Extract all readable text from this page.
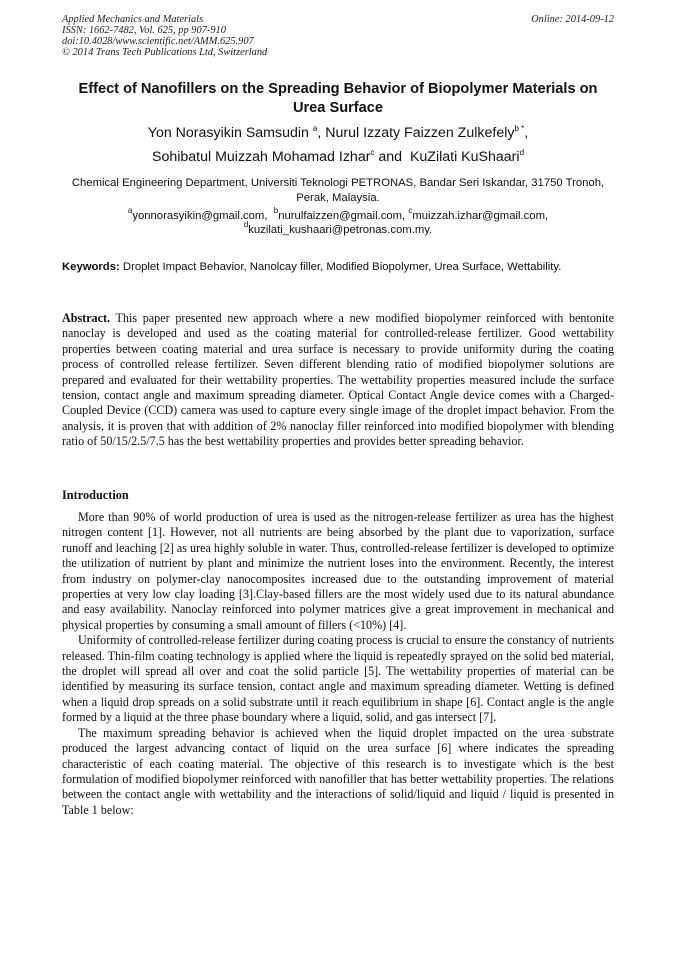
Applied Mechanics and Materials
ISSN: 1662-7482, Vol. 625, pp 907-910
doi:10.4028/www.scientific.net/AMM.625.907
© 2014 Trans Tech Publications Ltd, Switzerland
Online: 2014-09-12
Effect of Nanofillers on the Spreading Behavior of Biopolymer Materials on Urea Surface
Yon Norasyikin Samsudin $^a$, Nurul Izzaty Faizzen Zulkefely$^{b *}$,
Sohibatul Muizzah Mohamad Izhar$^c$ and  KuZilati KuShaari$^d$
Chemical Engineering Department, Universiti Teknologi PETRONAS, Bandar Seri Iskandar, 31750 Tronoh, Perak, Malaysia.
$^a$yonnorasyikin@gmail.com,  $^b$nurulfaizzen@gmail.com, $^c$muizzah.izhar@gmail.com,
$^d$kuzilati_kushaari@petronas.com.my.
Keywords: Droplet Impact Behavior, Nanolcay filler, Modified Biopolymer, Urea Surface, Wettability.
Abstract. This paper presented new approach where a new modified biopolymer reinforced with bentonite nanoclay is developed and used as the coating material for controlled-release fertilizer. Good wettability properties between coating material and urea surface is necessary to provide uniformity during the coating process of controlled release fertilizer. Seven different blending ratio of modified biopolymer solutions are prepared and evaluated for their wettability properties. The wettability properties measured include the surface tension, contact angle and maximum spreading diameter. Optical Contact Angle device comes with a Charged-Coupled Device (CCD) camera was used to capture every single image of the droplet impact behavior. From the analysis, it is proven that with addition of 2% nanoclay filler reinforced into modified biopolymer with blending ratio of 50/15/2.5/7.5 has the best wettability properties and provides better spreading behavior.
Introduction

More than 90% of world production of urea is used as the nitrogen-release fertilizer as urea has the highest nitrogen content [1]. However, not all nutrients are being absorbed by the plant due to vaporization, surface runoff and leaching [2] as urea highly soluble in water. Thus, controlled-release fertilizer is developed to optimize the utilization of nutrient by plant and minimize the nutrient loses into the environment. Recently, the interest from industry on polymer-clay nanocomposites increased due to the outstanding improvement of material properties at very low clay loading [3].Clay-based fillers are the most widely used due to its natural abundance and easy availability. Nanoclay reinforced into polymer matrices give a great improvement in mechanical and physical properties by consuming a small amount of fillers (<10%) [4].

Uniformity of controlled-release fertilizer during coating process is crucial to ensure the constancy of nutrients released. Thin-film coating technology is applied where the liquid is repeatedly sprayed on the solid bed material, the droplet will spread all over and coat the solid particle [5]. The wettability properties of material can be identified by measuring its surface tension, contact angle and maximum spreading diameter. Wetting is defined when a liquid drop spreads on a solid substrate until it reach equilibrium in shape [6]. Contact angle is the angle formed by a liquid at the three phase boundary where a liquid, solid, and gas intersect [7].

The maximum spreading behavior is achieved when the liquid droplet impacted on the urea substrate produced the largest advancing contact of liquid on the urea surface [6] where indicates the spreading characteristic of each coating material. The objective of this research is to investigate which is the best formulation of modified biopolymer reinforced with nanofiller that has better wettability properties. The relations between the contact angle with wettability and the interactions of solid/liquid and liquid / liquid is presented in Table 1 below:
